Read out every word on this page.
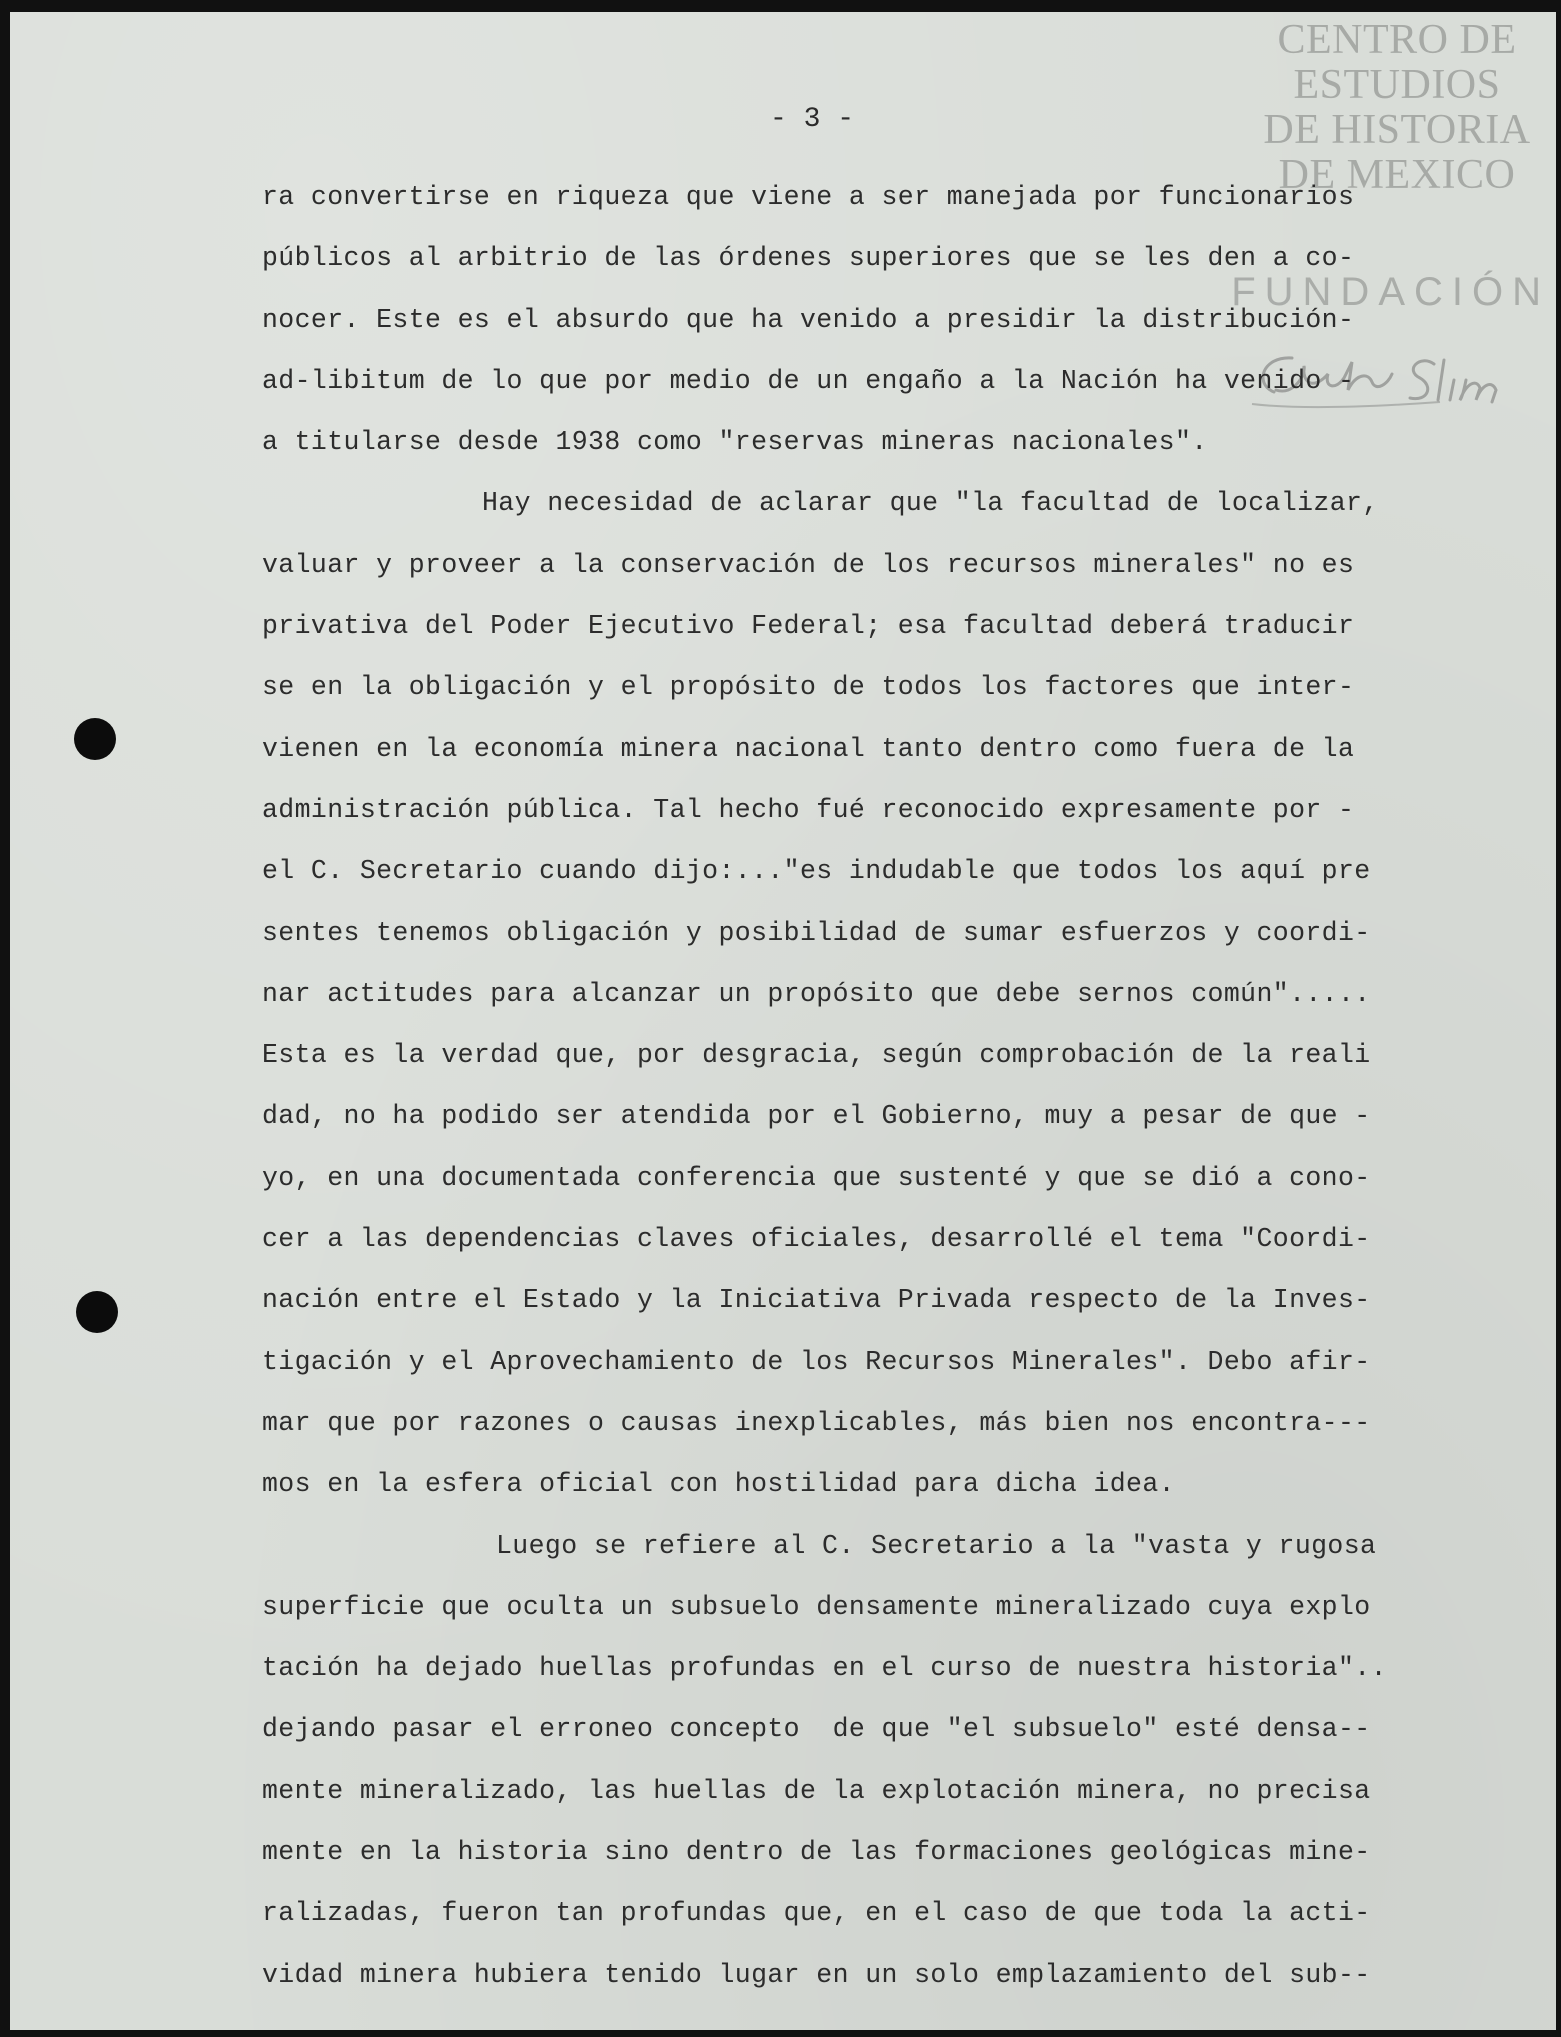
CENTRO DE
ESTUDIOS
DE HISTORIA
DE MEXICO
FUNDACIÓN
- 3 -
ra convertirse en riqueza que viene a ser manejada por funcionarios
públicos al arbitrio de las órdenes superiores que se les den a co-
nocer. Este es el absurdo que ha venido a presidir la distribución-
ad-libitum de lo que por medio de un engaño a la Nación ha venido -
a titularse desde 1938 como "reservas mineras nacionales".
Hay necesidad de aclarar que "la facultad de localizar,
valuar y proveer a la conservación de los recursos minerales" no es
privativa del Poder Ejecutivo Federal; esa facultad deberá traducir
se en la obligación y el propósito de todos los factores que inter-
vienen en la economía minera nacional tanto dentro como fuera de la
administración pública. Tal hecho fué reconocido expresamente por -
el C. Secretario cuando dijo:..."es indudable que todos los aquí pre
sentes tenemos obligación y posibilidad de sumar esfuerzos y coordi-
nar actitudes para alcanzar un propósito que debe sernos común".....
Esta es la verdad que, por desgracia, según comprobación de la reali
dad, no ha podido ser atendida por el Gobierno, muy a pesar de que -
yo, en una documentada conferencia que sustenté y que se dió a cono-
cer a las dependencias claves oficiales, desarrollé el tema "Coordi-
nación entre el Estado y la Iniciativa Privada respecto de la Inves-
tigación y el Aprovechamiento de los Recursos Minerales". Debo afir-
mar que por razones o causas inexplicables, más bien nos encontra---
mos en la esfera oficial con hostilidad para dicha idea.
Luego se refiere al C. Secretario a la "vasta y rugosa
superficie que oculta un subsuelo densamente mineralizado cuya explo
tación ha dejado huellas profundas en el curso de nuestra historia"..
dejando pasar el erroneo concepto  de que "el subsuelo" esté densa--
mente mineralizado, las huellas de la explotación minera, no precisa
mente en la historia sino dentro de las formaciones geológicas mine-
ralizadas, fueron tan profundas que, en el caso de que toda la acti-
vidad minera hubiera tenido lugar en un solo emplazamiento del sub--
